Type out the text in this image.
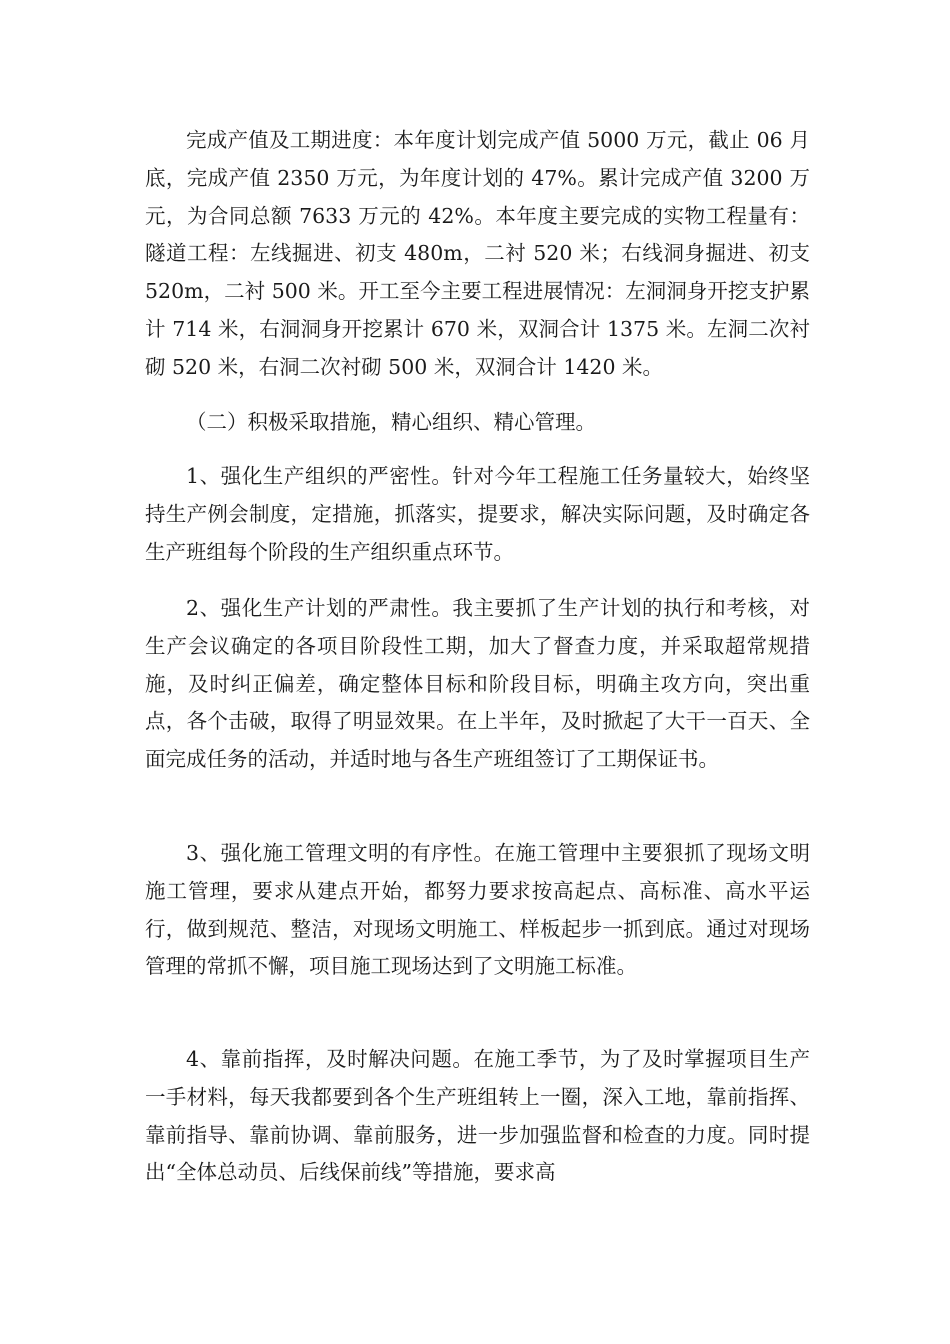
完成产值及工期进度：本年度计划完成产值 5000 万元，截止 06 月底，完成产值 2350 万元，为年度计划的 47%。累计完成产值 3200 万元，为合同总额 7633 万元的 42%。本年度主要完成的实物工程量有：隧道工程：左线掘进、初支 480m，二衬 520 米；右线洞身掘进、初支 520m，二衬 500 米。开工至今主要工程进展情况：左洞洞身开挖支护累计 714 米，右洞洞身开挖累计 670 米，双洞合计 1375 米。左洞二次衬砌 520 米，右洞二次衬砌 500 米，双洞合计 1420 米。

（二）积极采取措施，精心组织、精心管理。

1、强化生产组织的严密性。针对今年工程施工任务量较大，始终坚持生产例会制度，定措施，抓落实，提要求，解决实际问题，及时确定各生产班组每个阶段的生产组织重点环节。

2、强化生产计划的严肃性。我主要抓了生产计划的执行和考核，对生产会议确定的各项目阶段性工期，加大了督查力度，并采取超常规措施，及时纠正偏差，确定整体目标和阶段目标，明确主攻方向，突出重点，各个击破，取得了明显效果。在上半年，及时掀起了大干一百天、全面完成任务的活动，并适时地与各生产班组签订了工期保证书。

3、强化施工管理文明的有序性。在施工管理中主要狠抓了现场文明施工管理，要求从建点开始，都努力要求按高起点、高标准、高水平运行，做到规范、整洁，对现场文明施工、样板起步一抓到底。通过对现场管理的常抓不懈，项目施工现场达到了文明施工标准。

4、靠前指挥，及时解决问题。在施工季节，为了及时掌握项目生产一手材料，每天我都要到各个生产班组转上一圈，深入工地，靠前指挥、靠前指导、靠前协调、靠前服务，进一步加强监督和检查的力度。同时提出“全体总动员、后线保前线”等措施，要求高
